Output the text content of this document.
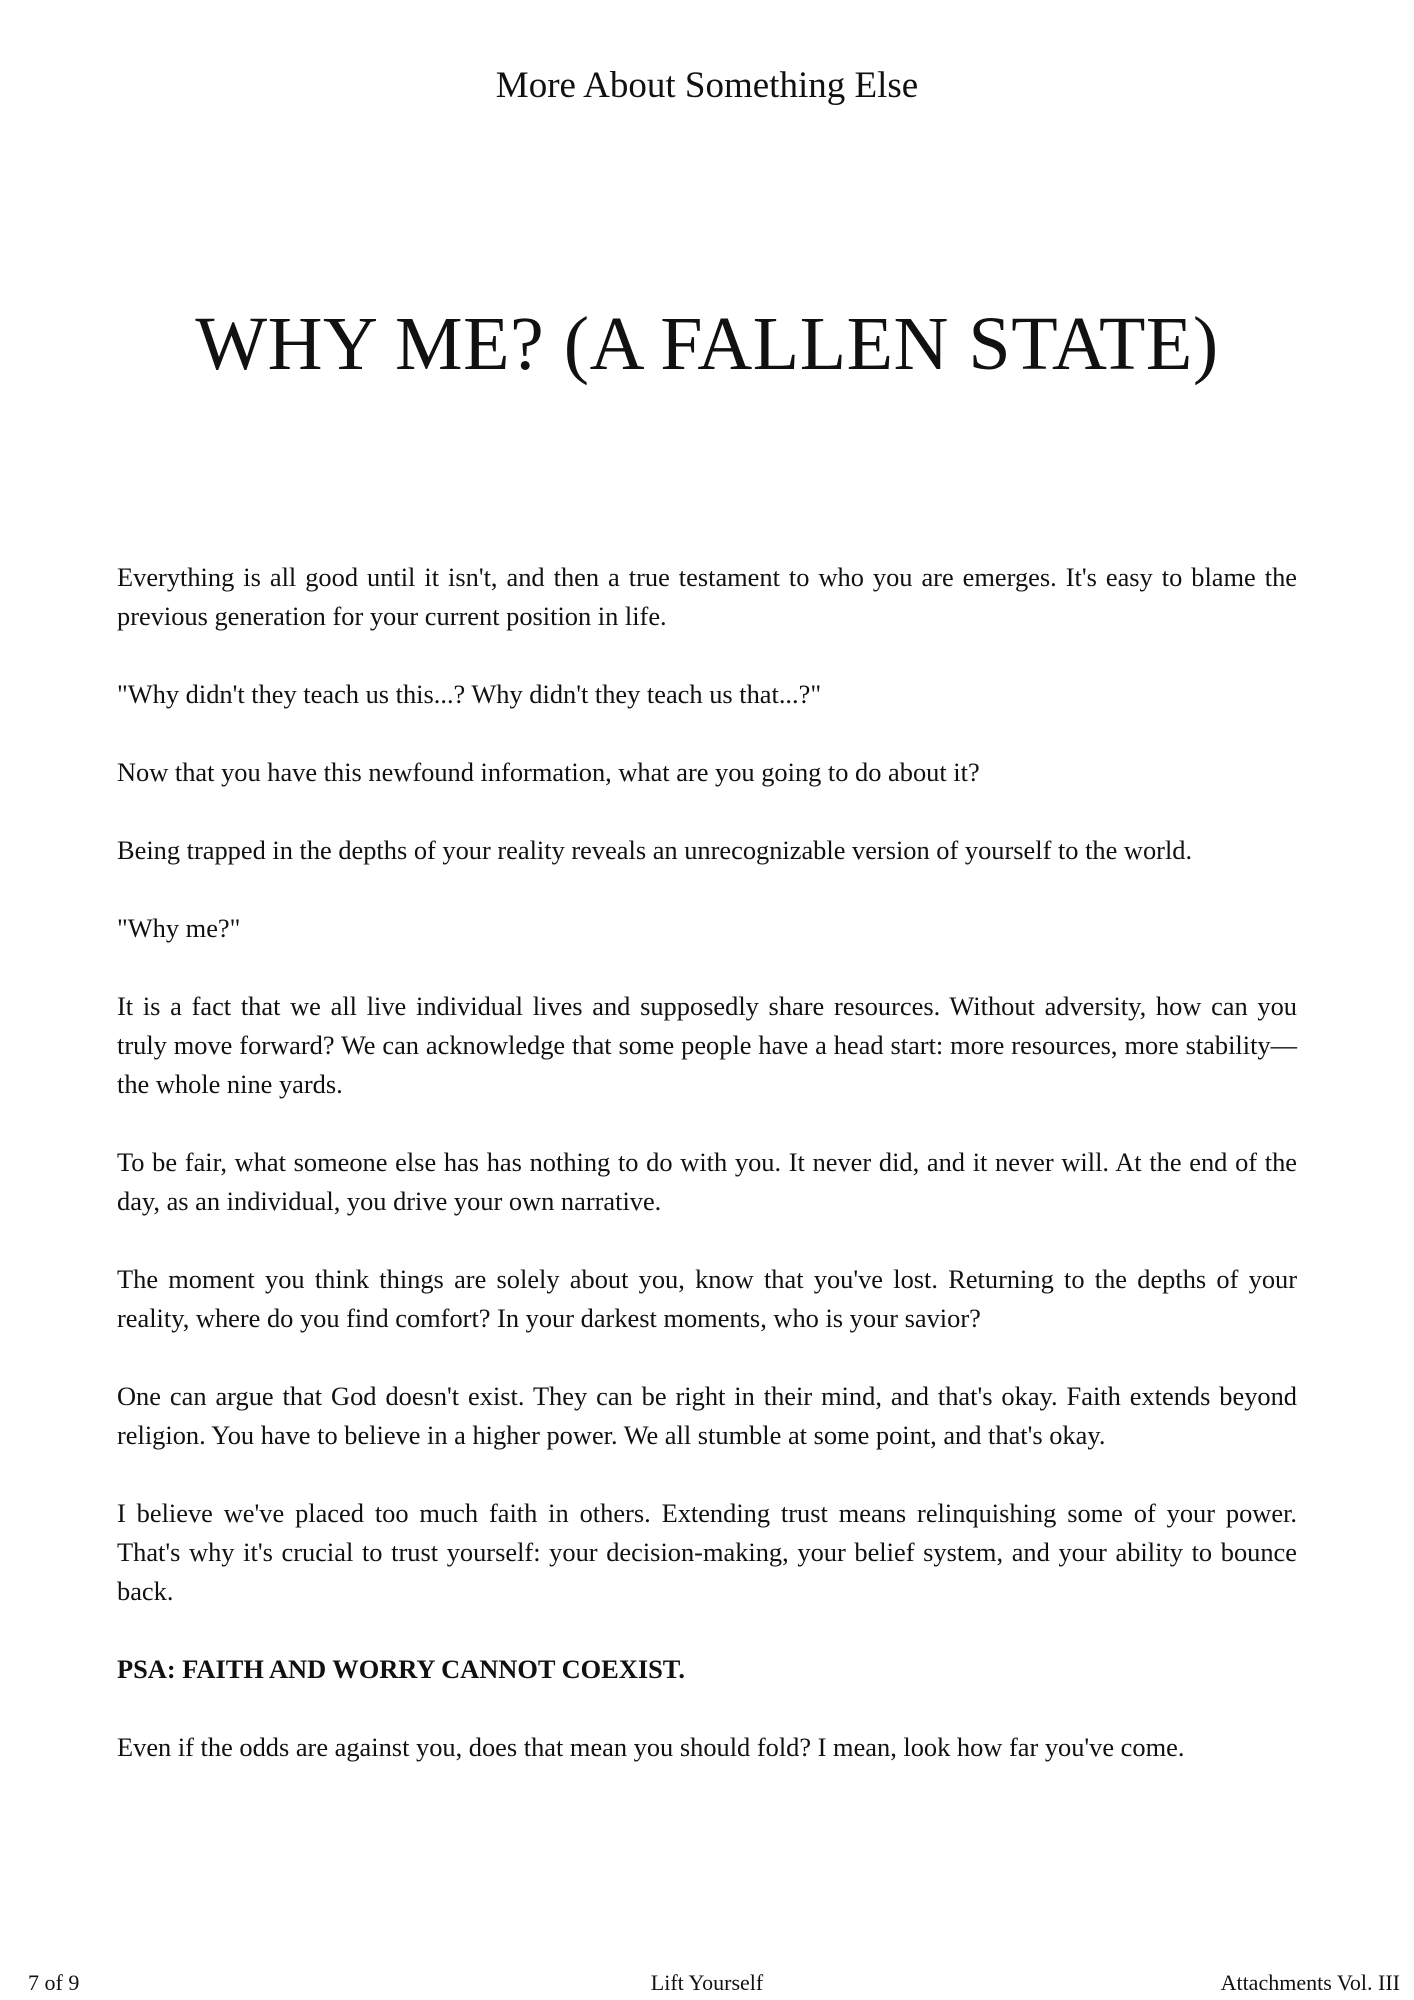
More About Something Else
WHY ME? (A FALLEN STATE)

Everything is all good until it isn't, and then a true testament to who you are emerges. It's easy to blame the previous generation for your current position in life.

"Why didn't they teach us this...? Why didn't they teach us that...?"

Now that you have this newfound information, what are you going to do about it?

Being trapped in the depths of your reality reveals an unrecognizable version of yourself to the world.

"Why me?"

It is a fact that we all live individual lives and supposedly share resources. Without adversity, how can you truly move forward? We can acknowledge that some people have a head start: more resources, more stability—the whole nine yards.

To be fair, what someone else has has nothing to do with you. It never did, and it never will. At the end of the day, as an individual, you drive your own narrative.

The moment you think things are solely about you, know that you've lost. Returning to the depths of your reality, where do you find comfort? In your darkest moments, who is your savior?

One can argue that God doesn't exist. They can be right in their mind, and that's okay. Faith extends beyond religion. You have to believe in a higher power. We all stumble at some point, and that's okay.

I believe we've placed too much faith in others. Extending trust means relinquishing some of your power. That's why it's crucial to trust yourself: your decision-making, your belief system, and your ability to bounce back.

PSA: FAITH AND WORRY CANNOT COEXIST.

Even if the odds are against you, does that mean you should fold? I mean, look how far you've come.

7 of 9	Lift Yourself	Attachments Vol. III
